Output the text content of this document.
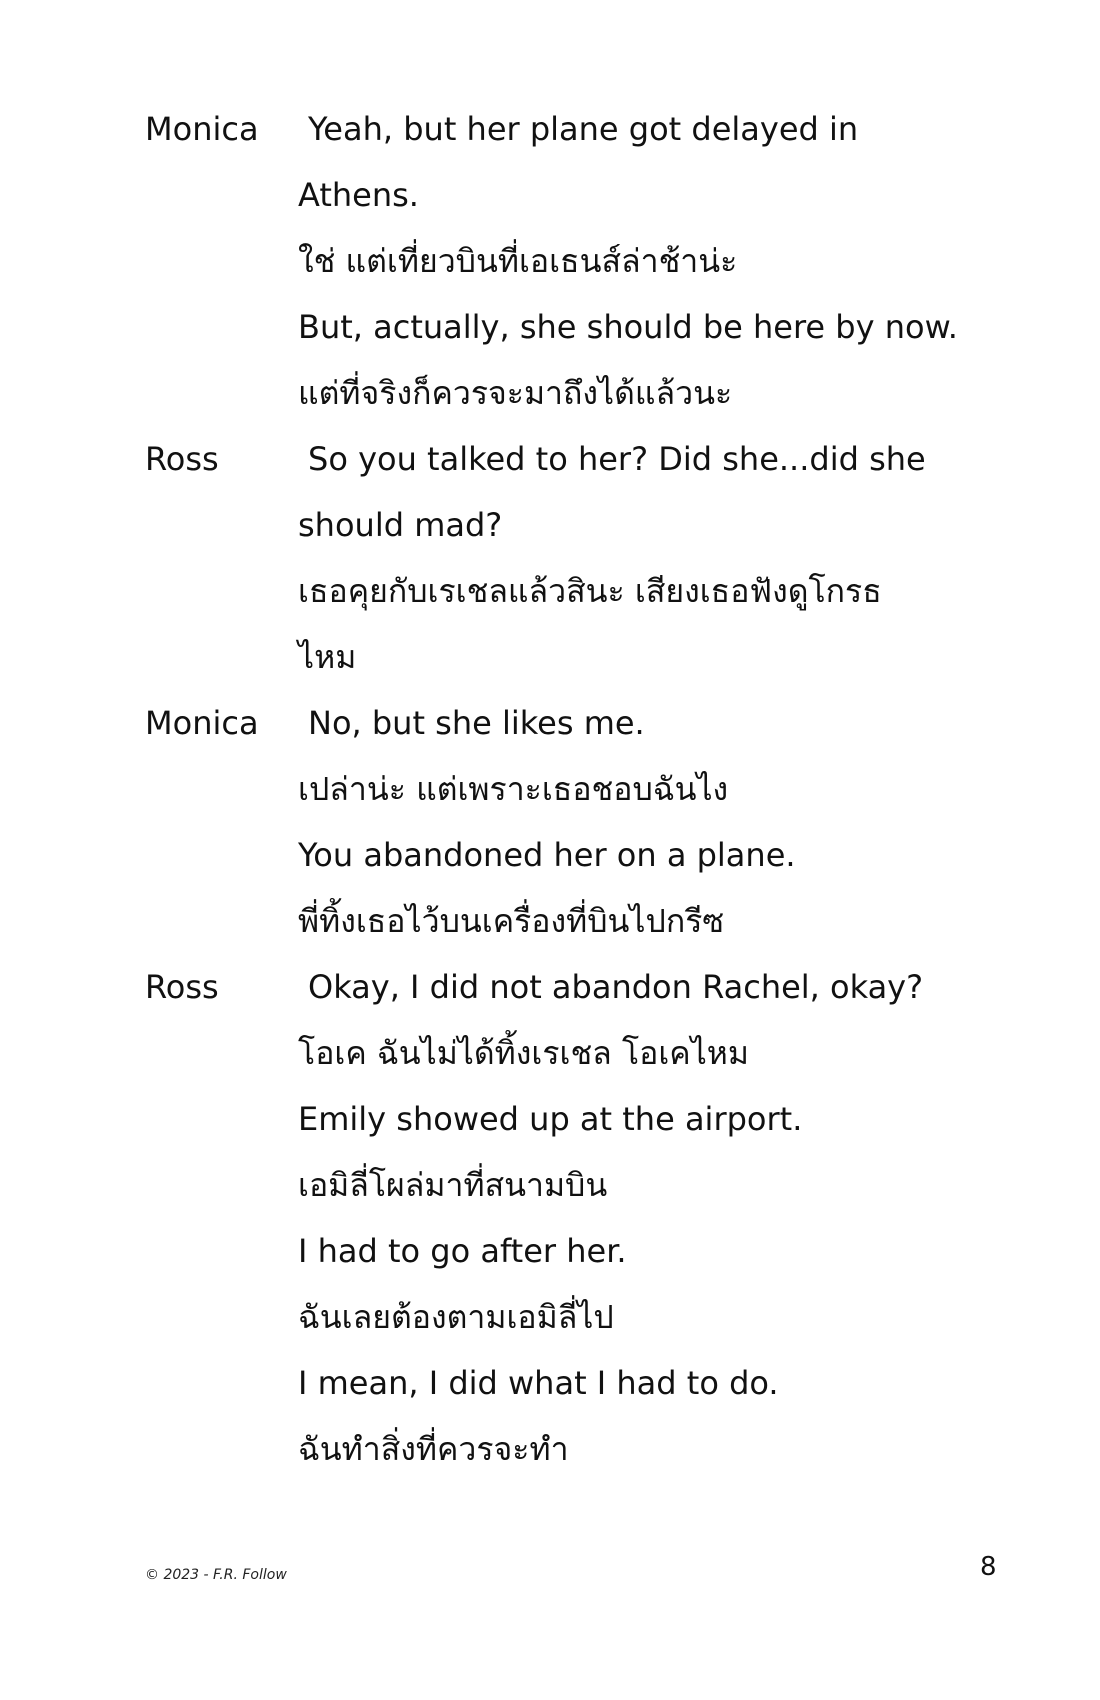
Monica	Yeah, but her plane got delayed in
Athens.
ใช่ แต่เที่ยวบินที่เอเธนส์ล่าช้าน่ะ
But, actually, she should be here by now.
แต่ที่จริงก็ควรจะมาถึงได้แล้วนะ
Ross	So you talked to her? Did she...did she
should mad?
เธอคุยกับเรเชลแล้วสินะ เสียงเธอฟังดูโกรธ
ไหม
Monica	No, but she likes me.
เปล่าน่ะ แต่เพราะเธอชอบฉันไง
You abandoned her on a plane.
พี่ทิ้งเธอไว้บนเครื่องที่บินไปกรีซ
Ross	Okay, I did not abandon Rachel, okay?
โอเค ฉันไม่ได้ทิ้งเรเชล โอเคไหม
Emily showed up at the airport.
เอมิลี่โผล่มาที่สนามบิน
I had to go after her.
ฉันเลยต้องตามเอมิลี่ไป
I mean, I did what I had to do.
ฉันทำสิ่งที่ควรจะทำ
© 2023 - F.R. Follow	8
